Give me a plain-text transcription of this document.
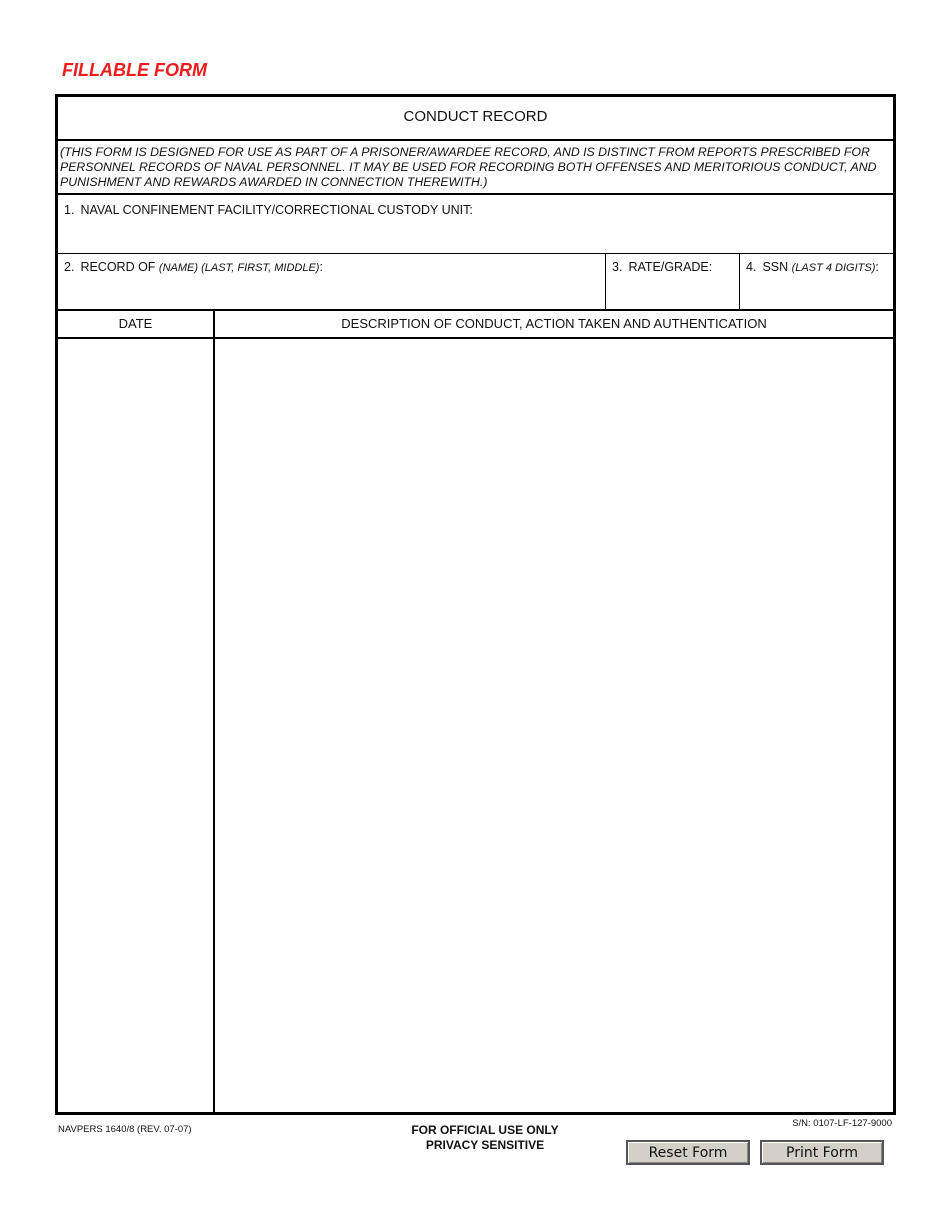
FILLABLE FORM
CONDUCT RECORD
(THIS FORM IS DESIGNED FOR USE AS PART OF A PRISONER/AWARDEE RECORD, AND IS DISTINCT FROM REPORTS PRESCRIBED FOR
PERSONNEL RECORDS OF NAVAL PERSONNEL. IT MAY BE USED FOR RECORDING BOTH OFFENSES AND MERITORIOUS CONDUCT, AND
PUNISHMENT AND REWARDS AWARDED IN CONNECTION THEREWITH.)
1. NAVAL CONFINEMENT FACILITY/CORRECTIONAL CUSTODY UNIT:
2. RECORD OF (NAME) (LAST, FIRST, MIDDLE):	3. RATE/GRADE:	4. SSN (LAST 4 DIGITS):
DATE	DESCRIPTION OF CONDUCT, ACTION TAKEN AND AUTHENTICATION
NAVPERS 1640/8 (REV. 07-07)	FOR OFFICIAL USE ONLY
PRIVACY SENSITIVE
S/N: 0107-LF-127-9000
Reset Form	Print Form
